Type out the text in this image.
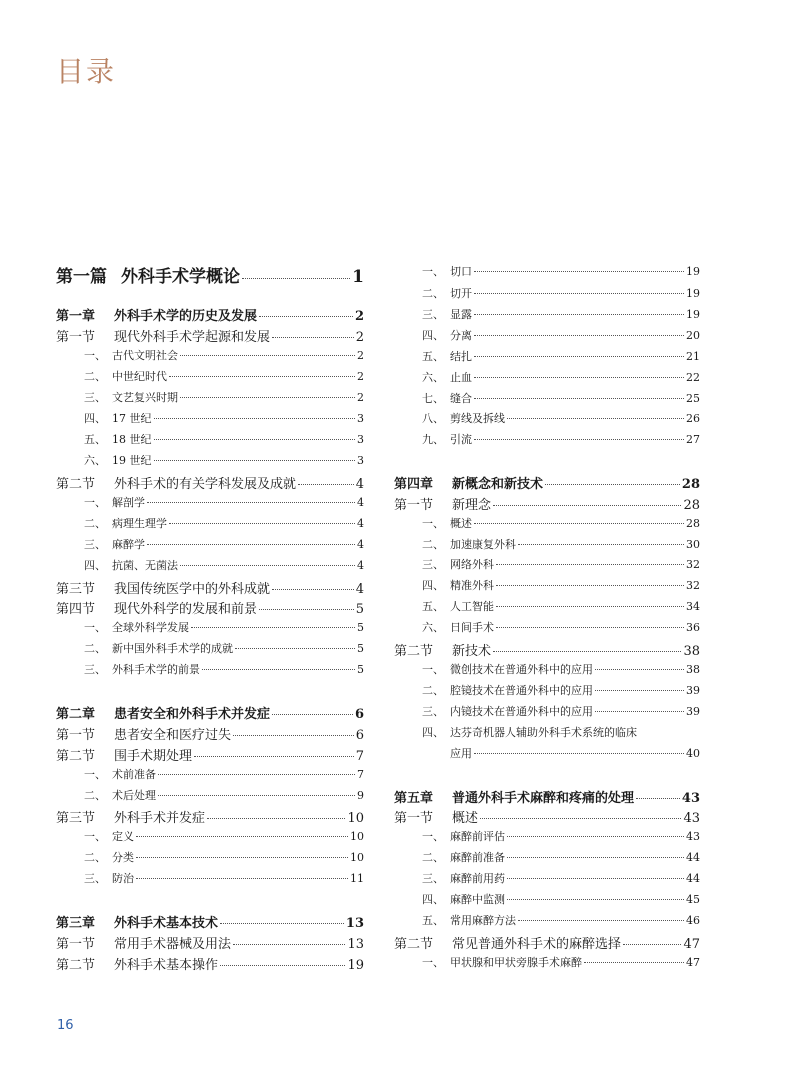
目录
第一篇 外科手术学概论	1
第一章 外科手术学的历史及发展	2
第一节 现代外科手术学起源和发展	2
一、 古代文明社会	2
二、 中世纪时代	2
三、 文艺复兴时期	2
四、 17 世纪	3
五、 18 世纪	3
六、 19 世纪	3
第二节 外科手术的有关学科发展及成就	4
一、 解剖学	4
二、 病理生理学	4
三、 麻醉学	4
四、 抗菌、无菌法	4
第三节 我国传统医学中的外科成就	4
第四节 现代外科学的发展和前景	5
一、 全球外科学发展	5
二、 新中国外科手术学的成就	5
三、 外科手术学的前景	5
第二章 患者安全和外科手术并发症	6
第一节 患者安全和医疗过失	6
第二节 围手术期处理	7
一、 术前准备	7
二、 术后处理	9
第三节 外科手术并发症	10
一、 定义	10
二、 分类	10
三、 防治	11
第三章 外科手术基本技术	13
第一节 常用手术器械及用法	13
第二节 外科手术基本操作	19
一、 切口	19
二、 切开	19
三、 显露	19
四、 分离	20
五、 结扎	21
六、 止血	22
七、 缝合	25
八、 剪线及拆线	26
九、 引流	27
第四章 新概念和新技术	28
第一节 新理念	28
一、 概述	28
二、 加速康复外科	30
三、 网络外科	32
四、 精准外科	32
五、 人工智能	34
六、 日间手术	36
第二节 新技术	38
一、 微创技术在普通外科中的应用	38
二、 腔镜技术在普通外科中的应用	39
三、 内镜技术在普通外科中的应用	39
四、 达芬奇机器人辅助外科手术系统的临床
应用	40
第五章 普通外科手术麻醉和疼痛的处理	43
第一节 概述	43
一、 麻醉前评估	43
二、 麻醉前准备	44
三、 麻醉前用药	44
四、 麻醉中监测	45
五、 常用麻醉方法	46
第二节 常见普通外科手术的麻醉选择	47
一、 甲状腺和甲状旁腺手术麻醉	47
16
